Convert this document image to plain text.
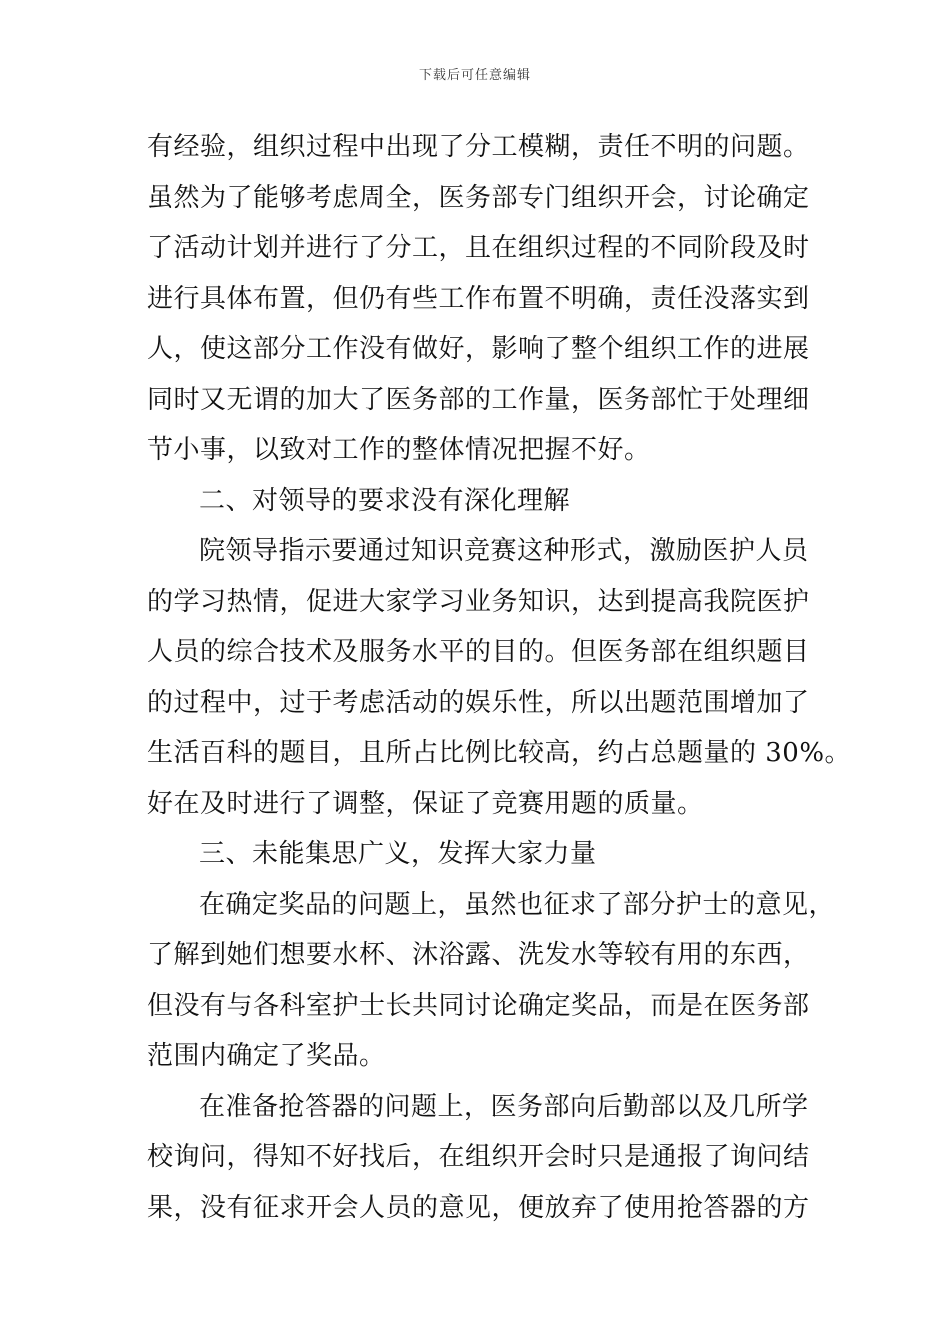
下载后可任意编辑
有经验，组织过程中出现了分工模糊，责任不明的问题。
虽然为了能够考虑周全，医务部专门组织开会，讨论确定
了活动计划并进行了分工，且在组织过程的不同阶段及时
进行具体布置，但仍有些工作布置不明确，责任没落实到
人，使这部分工作没有做好，影响了整个组织工作的进展
同时又无谓的加大了医务部的工作量，医务部忙于处理细
节小事，以致对工作的整体情况把握不好。
二、对领导的要求没有深化理解
院领导指示要通过知识竞赛这种形式，激励医护人员
的学习热情，促进大家学习业务知识，达到提高我院医护
人员的综合技术及服务水平的目的。但医务部在组织题目
的过程中，过于考虑活动的娱乐性，所以出题范围增加了
生活百科的题目，且所占比例比较高，约占总题量的 30%。
好在及时进行了调整，保证了竞赛用题的质量。
三、未能集思广义，发挥大家力量
在确定奖品的问题上，虽然也征求了部分护士的意见，
了解到她们想要水杯、沐浴露、洗发水等较有用的东西，
但没有与各科室护士长共同讨论确定奖品，而是在医务部
范围内确定了奖品。
在准备抢答器的问题上，医务部向后勤部以及几所学
校询问，得知不好找后，在组织开会时只是通报了询问结
果，没有征求开会人员的意见，便放弃了使用抢答器的方
